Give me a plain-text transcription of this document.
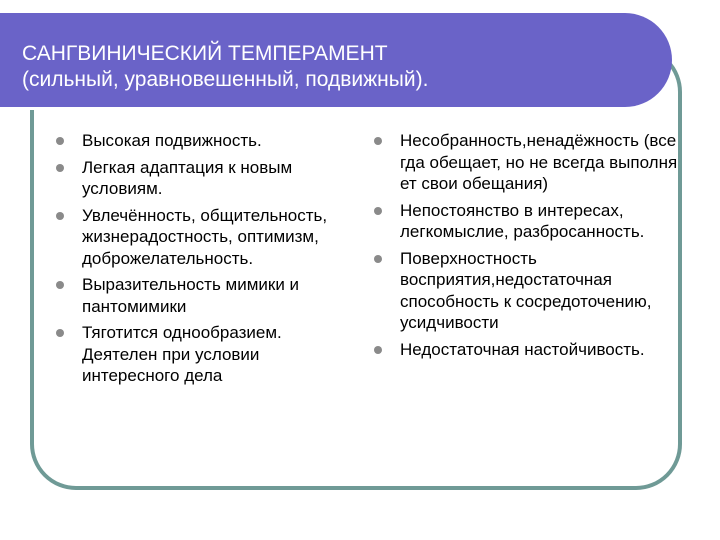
САНГВИНИЧЕСКИЙ ТЕМПЕРАМЕНТ
(сильный, уравновешенный, подвижный).
Высокая подвижность.
Легкая адаптация к новым условиям.
Увлечённость, общительность, жизнерадостность, оптимизм, доброжелательность.
Выразительность мимики и пантомимики
Тяготится однообразием. Деятелен при условии интересного дела
Несобранность,ненадёжность (всегда обещает, но не всегда выполняет свои обещания)
Непостоянство в интересах, легкомыслие, разбросанность.
Поверхностность восприятия,недостаточная способность к сосредоточению, усидчивости
Недостаточная настойчивость.
